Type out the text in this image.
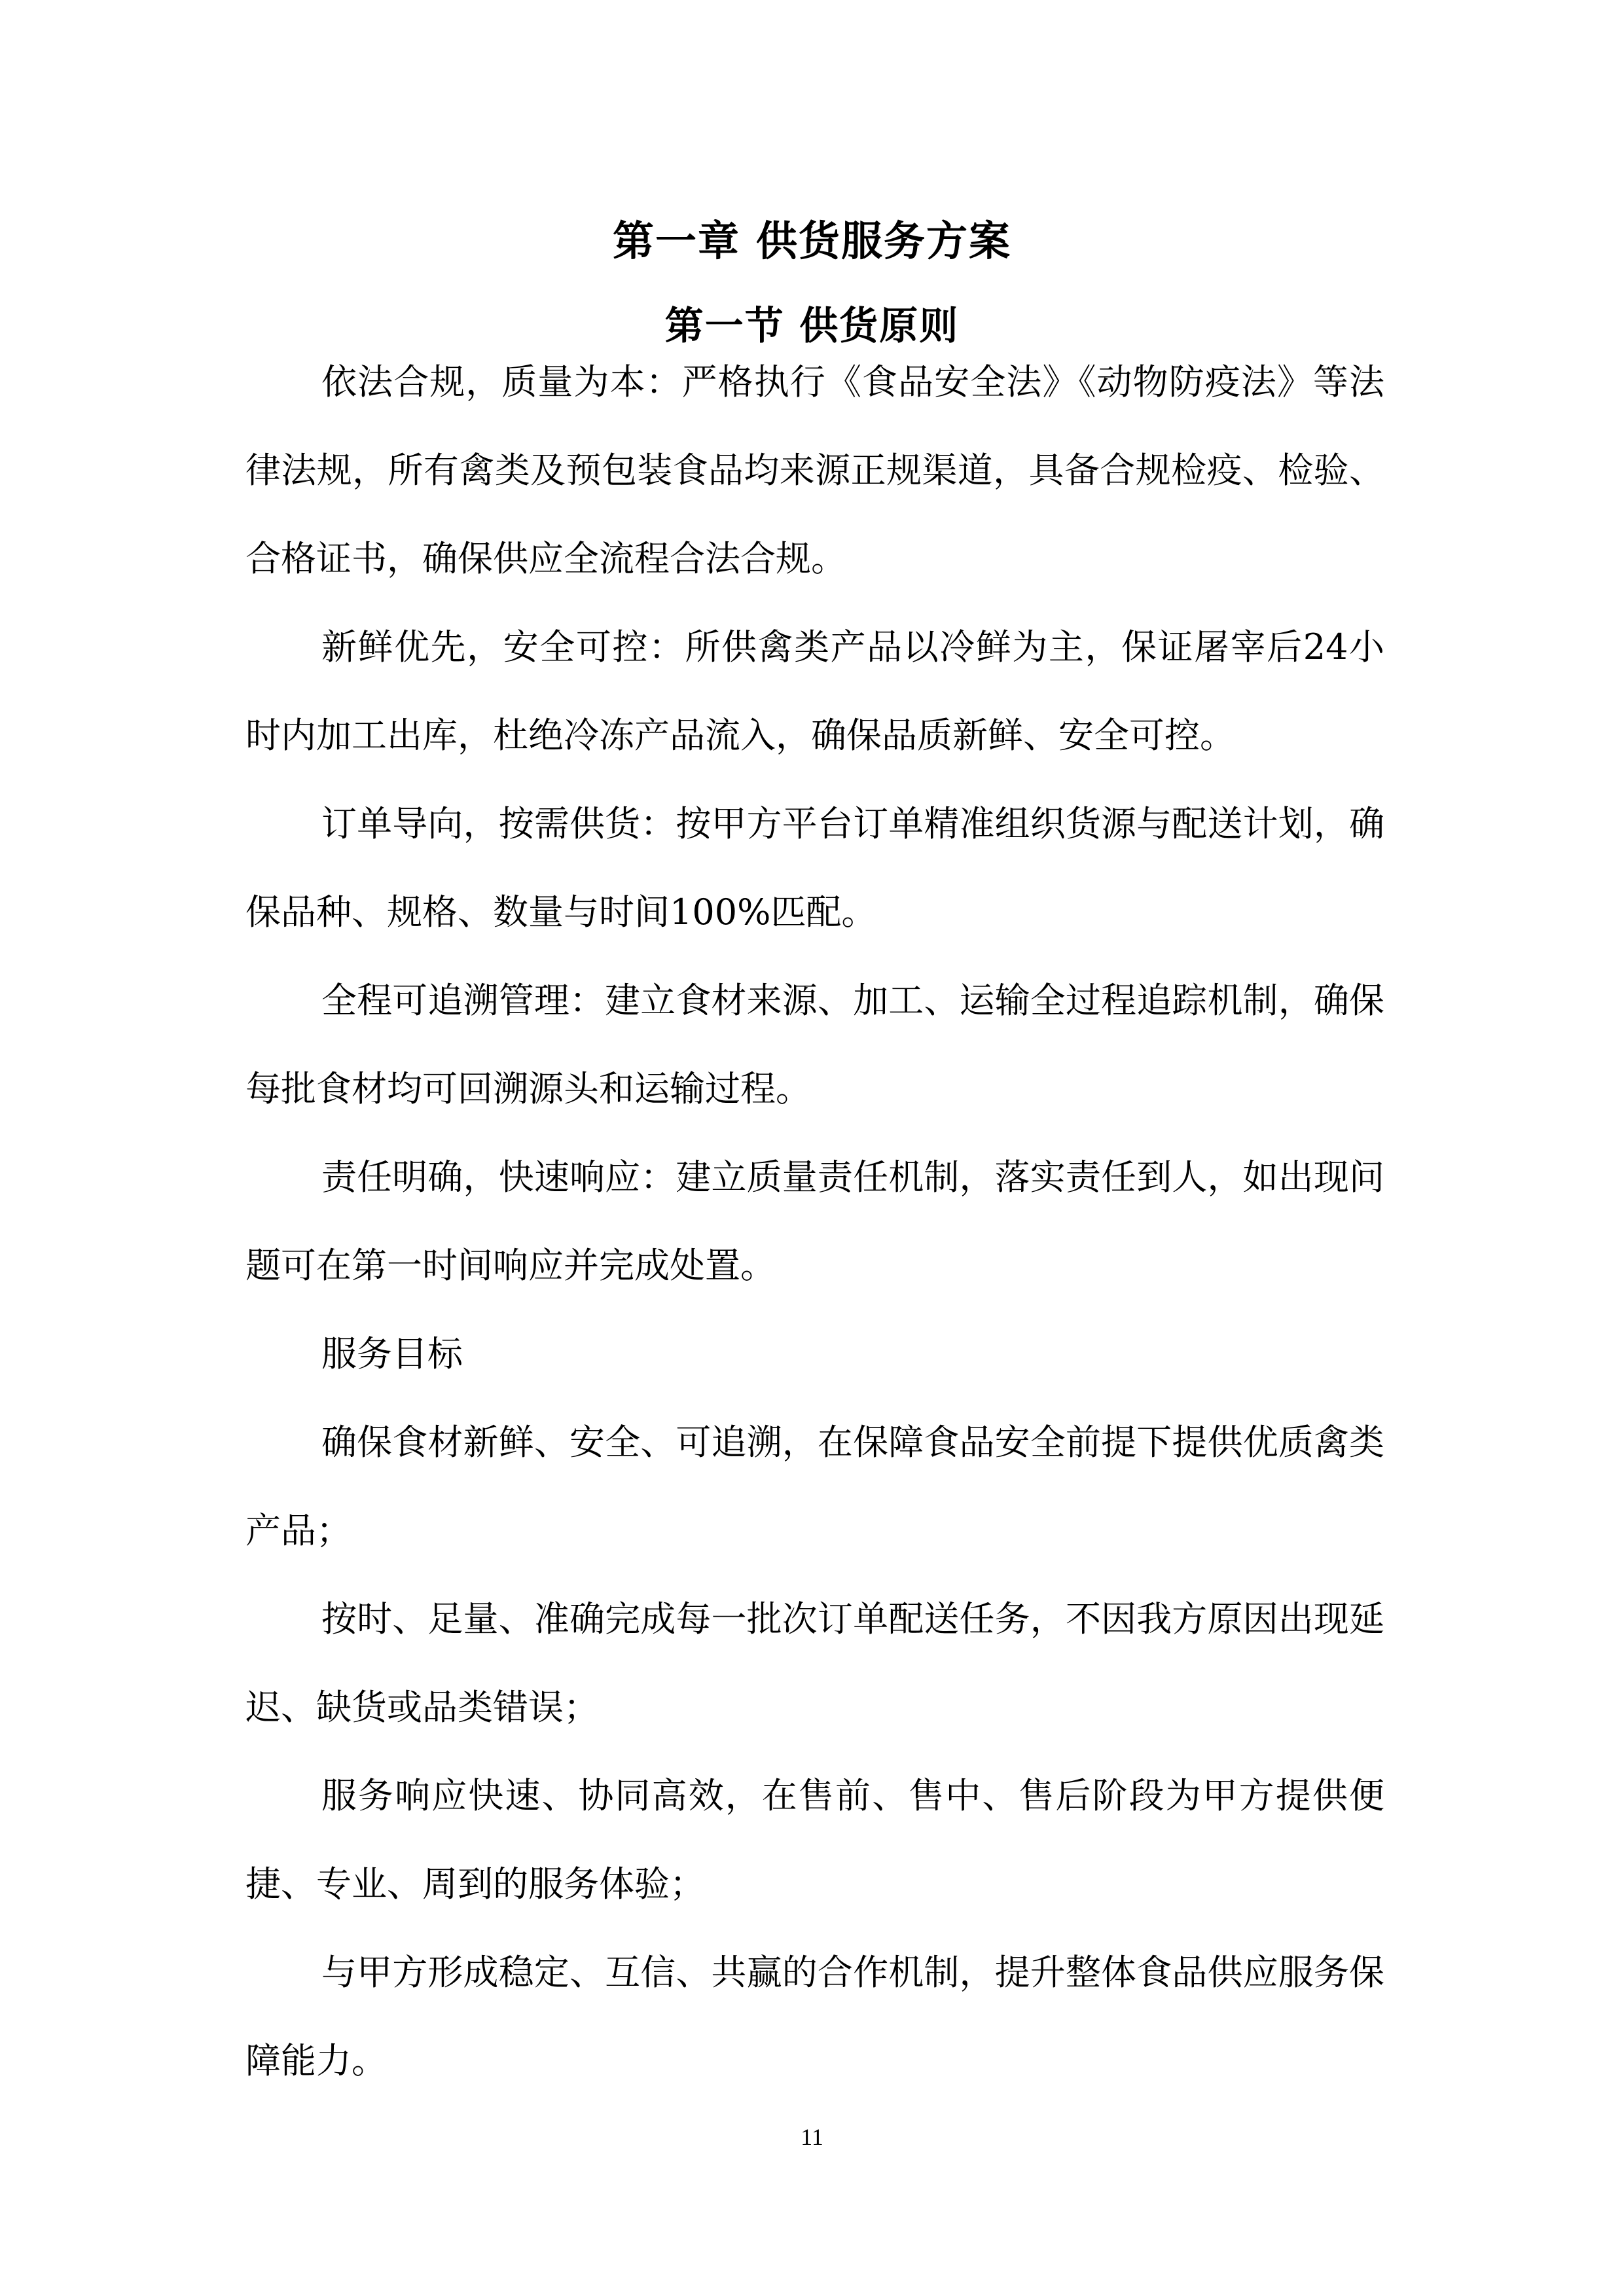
第一章 供货服务方案
第一节 供货原则

依法合规，质量为本：严格执行《食品安全法》《动物防疫法》等法律法规，所有禽类及预包装食品均来源正规渠道，具备合规检疫、检验、合格证书，确保供应全流程合法合规。

新鲜优先，安全可控：所供禽类产品以冷鲜为主，保证屠宰后24小时内加工出库，杜绝冷冻产品流入，确保品质新鲜、安全可控。

订单导向，按需供货：按甲方平台订单精准组织货源与配送计划，确保品种、规格、数量与时间100%匹配。

全程可追溯管理：建立食材来源、加工、运输全过程追踪机制，确保每批食材均可回溯源头和运输过程。

责任明确，快速响应：建立质量责任机制，落实责任到人，如出现问题可在第一时间响应并完成处置。

服务目标

确保食材新鲜、安全、可追溯，在保障食品安全前提下提供优质禽类产品；

按时、足量、准确完成每一批次订单配送任务，不因我方原因出现延迟、缺货或品类错误；

服务响应快速、协同高效，在售前、售中、售后阶段为甲方提供便捷、专业、周到的服务体验；

与甲方形成稳定、互信、共赢的合作机制，提升整体食品供应服务保障能力。

11
